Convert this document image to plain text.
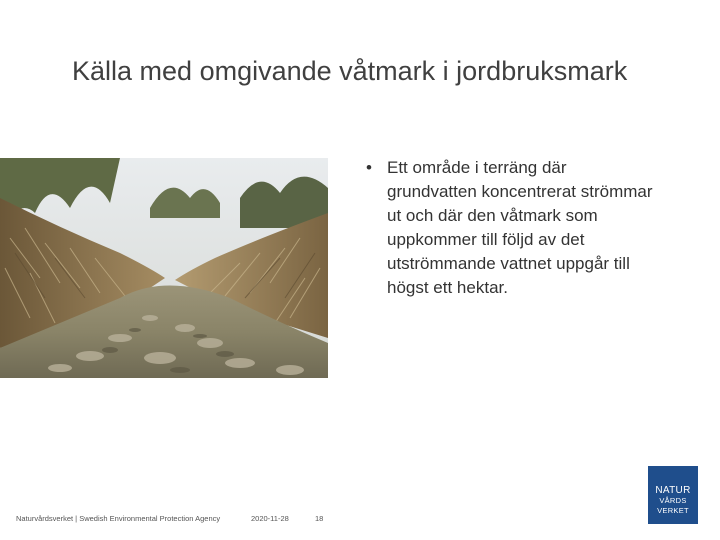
Källa med omgivande våtmark i jordbruksmark
• Ett område i terräng där grundvatten koncentrerat strömmar ut och där den våtmark som uppkommer till följd av det utströmmande vattnet uppgår till högst ett hektar.
Naturvårdsverket | Swedish Environmental Protection Agency	2020-11-28	18
NATUR
VÅRDS
VERKET
